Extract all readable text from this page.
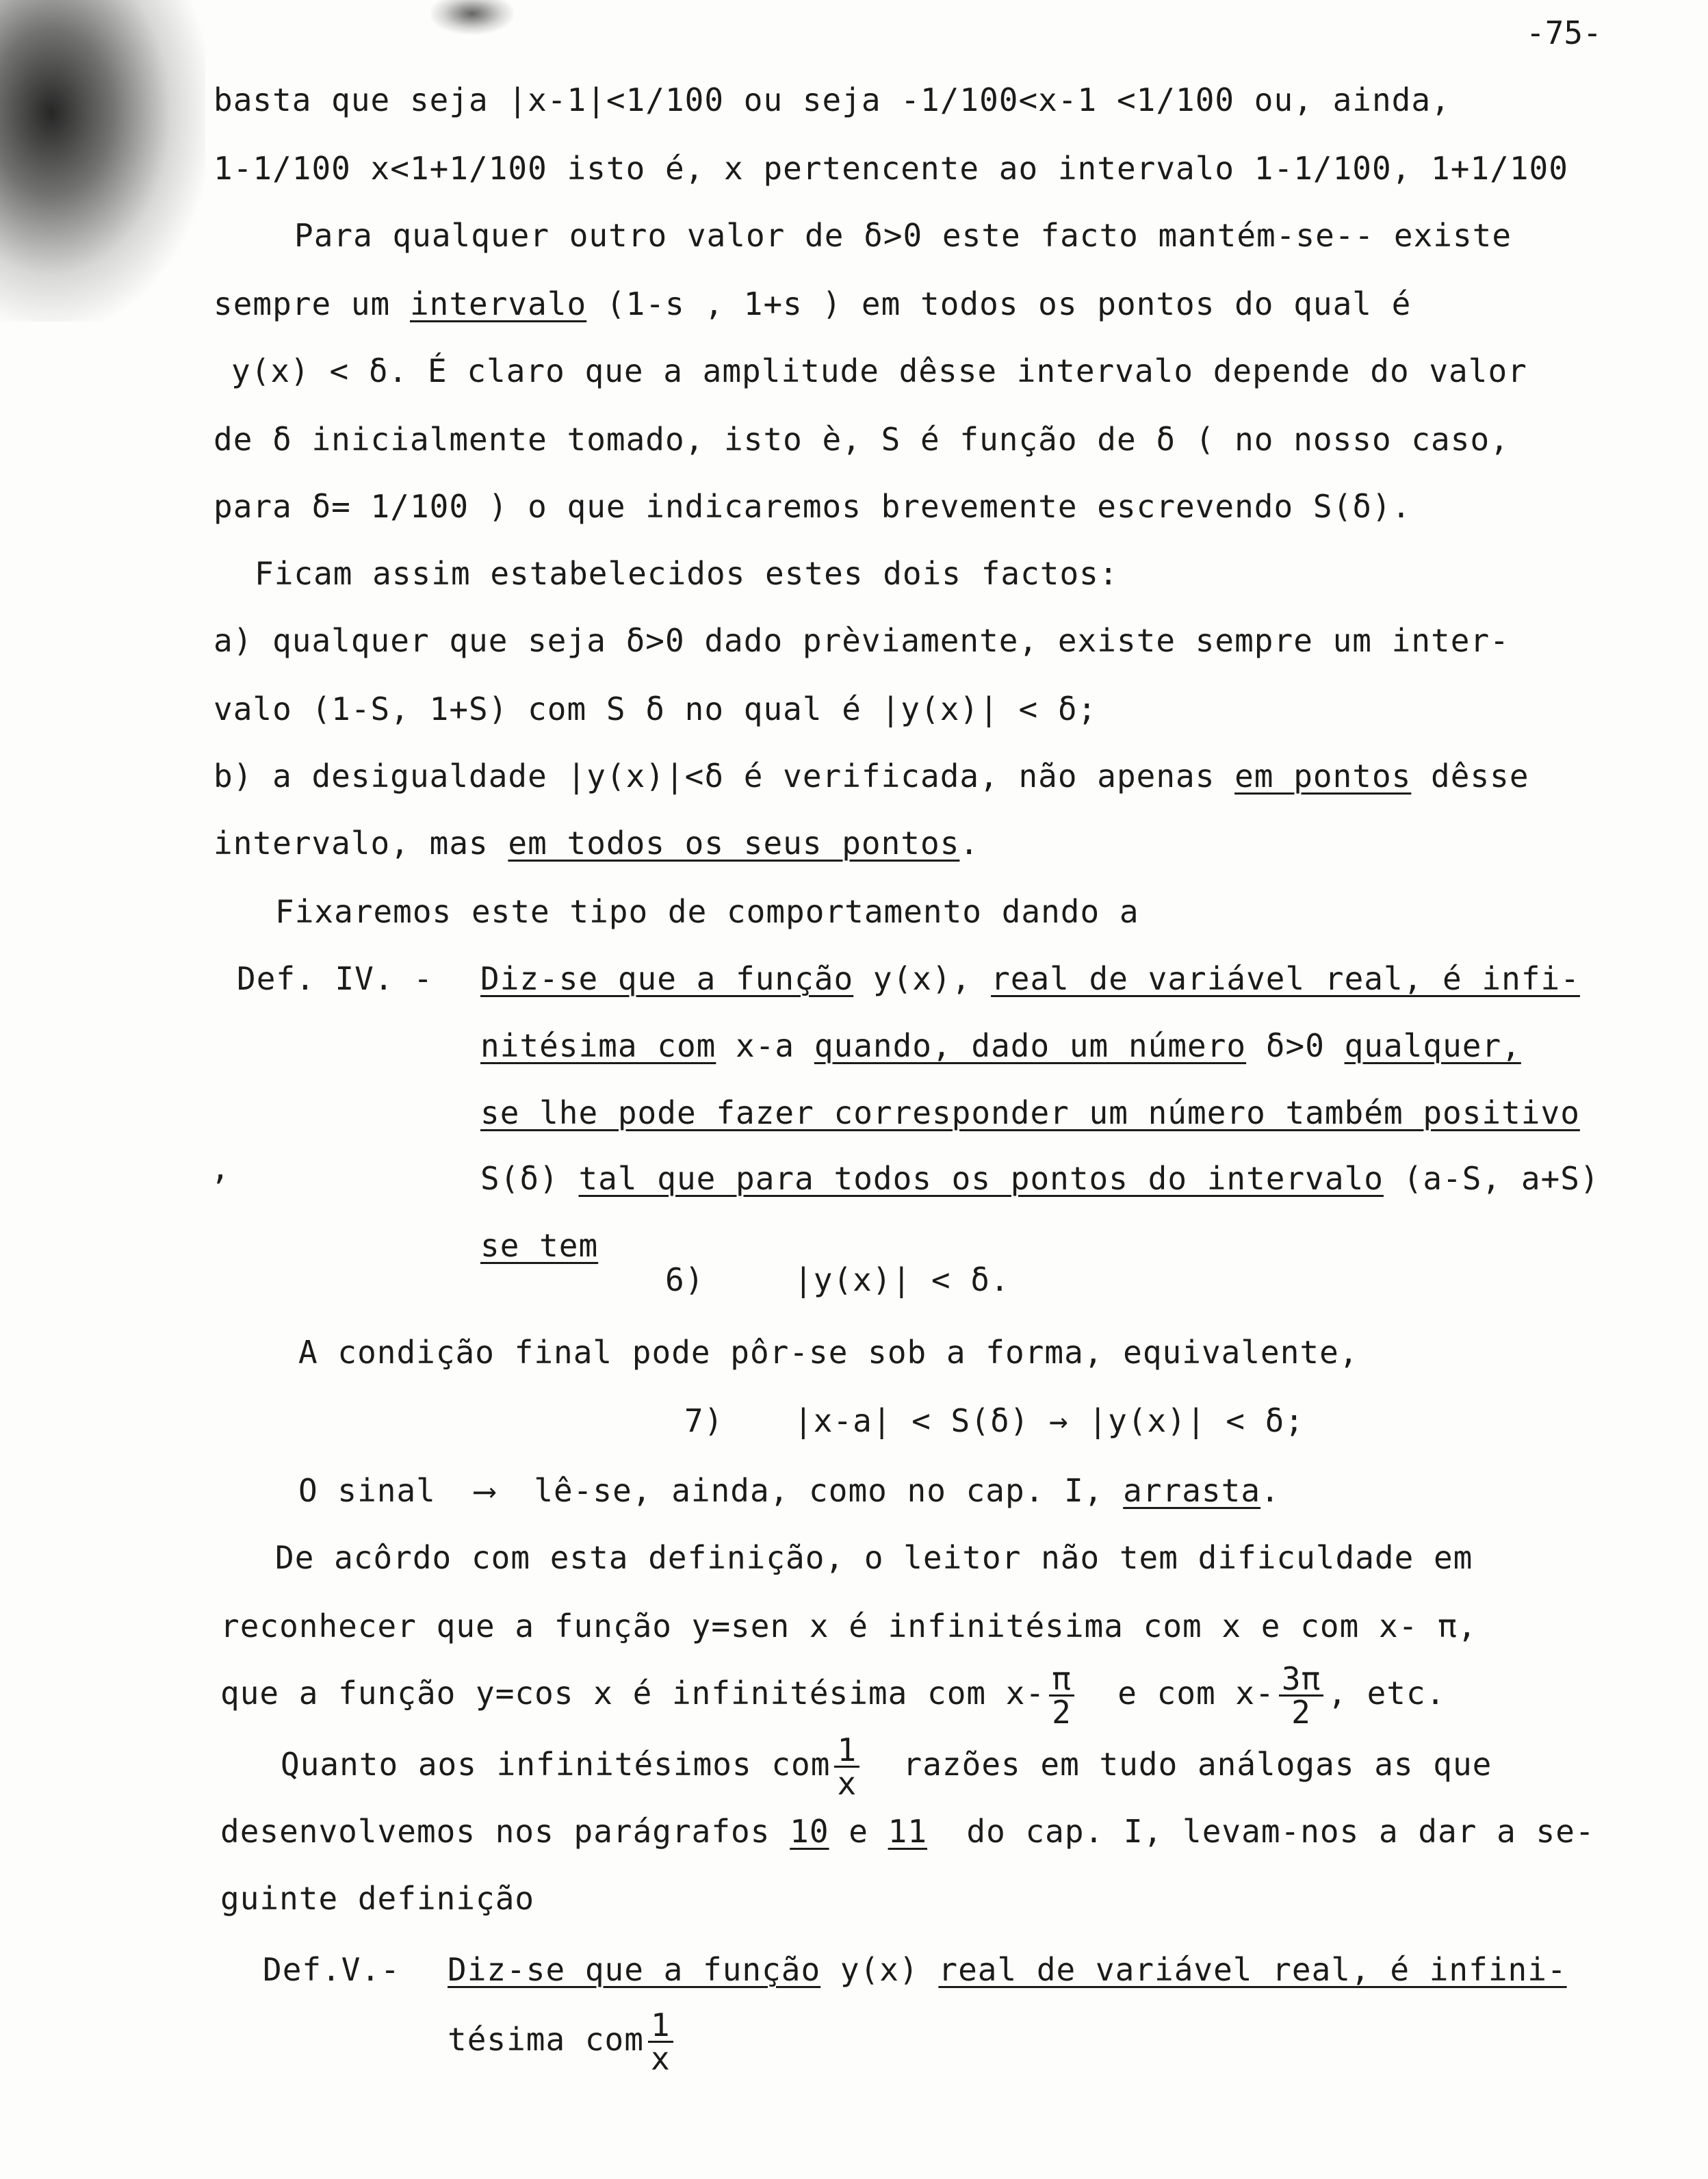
-75-
basta que seja |x-1|<1/100 ou seja -1/100<x-1 <1/100 ou, ainda,
1-1/100 x<1+1/100 isto é, x pertencente ao intervalo 1-1/100, 1+1/100
Para qualquer outro valor de δ>0 este facto mantém-se-- existe
sempre um intervalo (1-s , 1+s ) em todos os pontos do qual é
y(x) < δ. É claro que a amplitude dêsse intervalo depende do valor
de δ inicialmente tomado, isto è, S é função de δ ( no nosso caso,
para δ= 1/100 ) o que indicaremos brevemente escrevendo S(δ).
Ficam assim estabelecidos estes dois factos:
a) qualquer que seja δ>0 dado prèviamente, existe sempre um inter-
valo (1-S, 1+S) com S δ no qual é |y(x)| < δ;
b) a desigualdade |y(x)|<δ é verificada, não apenas em pontos dêsse
intervalo, mas em todos os seus pontos.
Fixaremos este tipo de comportamento dando a
Def. IV. - Diz-se que a função y(x), real de variável real, é infi-
nitésima com x-a quando, dado um número δ>0 qualquer,
se lhe pode fazer corresponder um número também positivo
S(δ) tal que para todos os pontos do intervalo (a-S, a+S)
se tem
,
6)	|y(x)| < δ.
A condição final pode pôr-se sob a forma, equivalente,
7) |x-a| < S(δ) → |y(x)| < δ;
O sinal  ⟶  lê-se, ainda, como no cap. I, arrasta.
De acôrdo com esta definição, o leitor não tem dificuldade em
reconhecer que a função y=sen x é infinitésima com x e com x- π,
que a função y=cos x é infinitésima com $x- \frac{\pi}{2}$ e com $x- \frac{3\pi}{2}$ , etc.
Quanto aos infinitésimos com $\frac{1}{x}$ razões em tudo análogas as que
desenvolvemos nos parágrafos 10 e 11  do cap. I, levam-nos a dar a se-
guinte definição
Def.V.- Diz-se que a função y(x) real de variável real, é infini-
tésima com $\frac{1}{x}$
